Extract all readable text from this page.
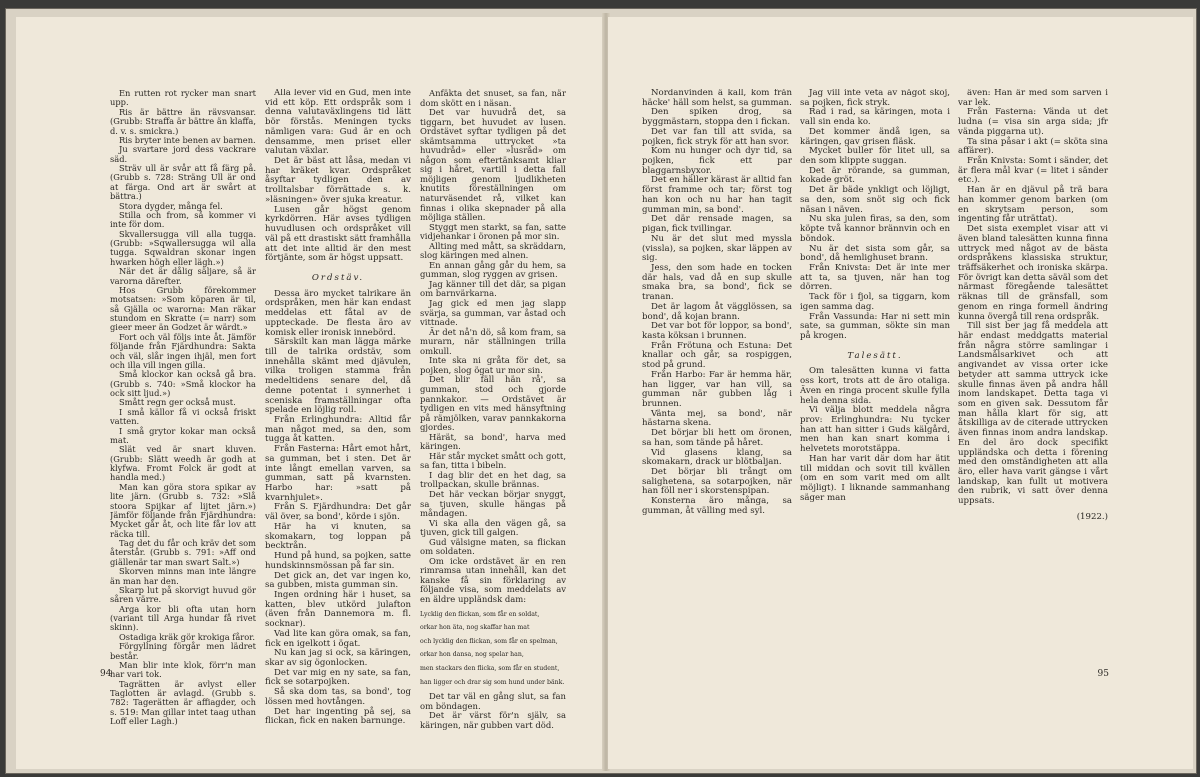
En rutten rot rycker man snart upp.

Ris är bättre än rävsvansar. (Grubb: Straffa är bättre än klaffa, d. v. s. smickra.)

Ris bryter inte benen av barnen.

Ju svartare jord dess vackrare säd.

Sträv ull är svår att få färg på. (Grubb s. 728: Sträng Ull är ond at färga. Ond art är swårt at bättra.)

Stora dygder, många fel.

Stilla och from, så kommer vi inte för dom.

Skvallersugga vill alla tugga. (Grubb: »Sqwallersugga wil alla tugga. Sqwaldran skonar ingen hwarken högh eller lägh.»)

När det är dålig säljare, så är varorna därefter.

Hos Grubb förekommer motsatsen: »Som köparen är til, så Gjälla oc warorna: Man räkar stundom en Skratte (= narr) som gieer meer än Godzet är wärdt.»

Fort och väl följs inte åt. Jämför följande från Fjärdhundra: Sakta och väl, slår ingen ihjäl, men fort och illa vill ingen gilla.

Små klockor kan också gå bra. (Grubb s. 740: »Små klockor ha ock sitt ljud.»)

Smått regn ger också must.

I små källor få vi också friskt vatten.

I små grytor kokar man också mat.

Slät ved är snart kluven. (Grubb: Slätt weedh är godh at klyfwa. Fromt Folck är godt at handla med.)

Man kan göra stora spikar av lite järn. (Grubb s. 732: »Slå stoora Spijkar af lijtet järn.») Jämför följande från Fjärdhundra: Mycket går åt, och lite får lov att räcka till.

Tag det du får och kräv det som återstår. (Grubb s. 791: »Aff ond giällenär tar man swart Salt.»)

Skorven minns man inte längre än man har den.

Skarp lut på skorvigt huvud gör såren värre.

Arga kor bli ofta utan horn (variant till Arga hundar få rivet skinn).

Ostadiga kräk gör krokiga fåror.

Förgyllning förgår men lädret består.

Man blir inte klok, förr'n man har vari tok.

Tagrätten är avlyst eller Taglotten är avlagd. (Grubb s. 782: Tagerätten är affiagder, och s. 519: Man gillar intet taag uthan Loff eller Lagh.)

Alla lever vid en Gud, men inte vid ett köp. Ett ordspråk som i denna valutaväxlingens tid lätt bör förstås. Meningen tycks nämligen vara: Gud är en och densamme, men priset eller valutan växlar.

Det är bäst att låsa, medan vi har kräket kvar. Ordspråket åsyftar tydligen den av trolltalsbar förrättade s. k. »läsningen» över sjuka kreatur.

Lusen går högst genom kyrkdörren. Här avses tydligen huvudlusen och ordspråket vill väl på ett drastiskt sätt framhålla att det inte alltid är den mest förtjänte, som är högst uppsatt.

Ordstäv.

Dessa äro mycket talrikare än ordspråken, men här kan endast meddelas ett fåtal av de uppteckade. De flesta äro av komisk eller ironisk innebörd.

Särskilt kan man lägga märke till de talrika ordstäv, som innehålla skämt med djävulen, vilka troligen stamma från medeltidens senare del, då denne potentat i synnerhet i sceniska framställningar ofta spelade en löjlig roll.

Från Erlinghundra: Alltid får man något med, sa den, som tugga åt katten.

Från Fasterna: Hårt emot hårt, sa gumman, bet i sten. Det är inte långt emellan varven, sa gumman, satt på kvarnsten. Harbo har: »satt på kvarnhjulet».

Från S. Fjärdhundra: Det går väl över, sa bond', körde i sjön.

Här ha vi knuten, sa skomakarn, tog loppan på becktrån.

Hund på hund, sa pojken, satte hundskinnsmössan på far sin.

Det gick an, det var ingen ko, sa gubben, mista gumman sin.

Ingen ordning här i huset, sa katten, blev utkörd julafton (även från Dannemora m. fl. socknar).

Vad lite kan göra omak, sa fan, fick en igelkott i ögat.

Nu kan jag si ock, sa käringen, skar av sig ögonlocken.

Det var mig en ny sate, sa fan, fick se sotarpojken.

Så ska dom tas, sa bond', tog lössen med hovtången.

Det har ingenting på sej, sa flickan, fick en naken barnunge.

Anfäkta det snuset, sa fan, när dom skött en i näsan.

Det var huvudrå det, sa tiggarn, bet huvudet av lusen. Ordstävet syftar tydligen på det skämtsamma uttrycket »ta huvudråd» eller »lusråd» om någon som eftertänksamt kliar sig i håret, vartill i detta fall möjligen genom ljudlikheten knutits föreställningen om naturväsendet rå, vilket kan finnas i olika skepnader på alla möjliga ställen.

Styggt men starkt, sa fan, satte vidjehankar i öronen på mor sin.

Allting med mått, sa skräddarn, slog käringen med alnen.

En annan gång går du hem, sa gumman, slog ryggen av grisen.

Jag känner till det där, sa pigan om barnvärkarna.

Jag gick ed men jag slapp svärja, sa gumman, var åstad och vittnade.

Är det nå'n dö, så kom fram, sa murarn, när ställningen trilla omkull.

Inte ska ni gråta för det, sa pojken, slog ögat ur mor sin.

Det blir fäll hän rå', sa gumman, stod och gjorde pannkakor. — Ordstävet är tydligen en vits med hänsyftning på rämjölken, varav pannkakorna gjordes.

Härät, sa bond', harva med käringen.

Här står mycket smått och gott, sa fan, titta i bibeln.

I dag blir det en het dag, sa trollpackan, skulle brännas.

Det här veckan börjar snyggt, sa tjuven, skulle hängas på måndagen.

Vi ska alla den vägen gå, sa tjuven, gick till galgen.

Gud välsigne maten, sa flickan om soldaten.

Om icke ordstävet är en ren rimramsa utan innehåll, kan det kanske få sin förklaring av följande visa, som meddelats av en äldre uppländsk dam:

Lycklig den flickan, som får en soldat,

orkar hon äta, nog skaffar han mat

och lycklig den flickan, som får en spelman,

orkar hon dansa, nog spelar han,

men stackars den flicka, som får en student,

han ligger och drar sig som hund under bänk.

Det tar väl en gång slut, sa fan om böndagen.

Det är värst för'n själv, sa käringen, när gubben vart död.

94

Nordanvinden ä kall, kom från häcke' häll som helst, sa gumman.

Den spiken drog, sa byggmästarn, stoppa den i fickan.

Det var fan till att svida, sa pojken, fick stryk för att han svor.

Kom nu hunger och dyr tid, sa pojken, fick ett par blaggarnsbyxor.

Det en häller kärast är alltid fan först framme och tar; först tog han kon och nu har han tagit gumman min, sa bond'.

Det där rensade magen, sa pigan, fick tvillingar.

Nu är det slut med myssla (vissla), sa pojken, skar läppen av sig.

Jess, den som hade en tocken där hals, vad då en sup skulle smaka bra, sa bond', fick se tranan.

Det är lagom åt vägglössen, sa bond', då kojan brann.

Det var bot för loppor, sa bond', kasta köksan i brunnen.

Från Frötuna och Estuna: Det knallar och går, sa rospiggen, stod på grund.

Från Harbo: Far är hemma här, han ligger, var han vill, sa gumman när gubben låg i brunnen.

Vänta mej, sa bond', när hästarna skena.

Det börjar bli hett om öronen, sa han, som tände på håret.

Vid glasens klang, sa skomakarn, drack ur blötbaljan.

Det börjar bli trångt om salighetena, sa sotarpojken, när han föll ner i skorstenspipan.

Konsterna äro många, sa gumman, åt välling med syl.

Jag vill inte veta av något skoj, sa pojken, fick stryk.

Rad i rad, sa käringen, mota i vall sin enda ko.

Det kommer ändå igen, sa käringen, gav grisen fläsk.

Mycket buller för litet ull, sa den som klippte suggan.

Det är rörande, sa gumman, kokade gröt.

Det är bäde ynkligt och löjligt, sa den, som snöt sig och fick näsan i näven.

Nu ska julen firas, sa den, som köpte två kannor brännvin och en böndok.

Nu är det sista som går, sa bond', då hemlighuset brann.

Från Knivsta: Det är inte mer att ta, sa tjuven, när han tog dörren.

Tack för i fjol, sa tiggarn, kom igen samma dag.

Från Vassunda: Har ni sett min sate, sa gumman, sökte sin man på krogen.

Talesätt.

Om talesätten kunna vi fatta oss kort, trots att de äro otaliga. Även en ringa procent skulle fylla hela denna sida.

Vi välja blott meddela några prov: Erlinghundra: Nu tycker han att han sitter i Guds kälgård, men han kan snart komma i helvetets morotstäppa.

Han har varit där dom har ätit till middan och sovit till kvällen (om en som varit med om allt möjligt). I liknande sammanhang säger man

även: Han är med som sarven i var lek.

Från Fasterna: Vända ut det ludna (= visa sin arga sida; jfr vända piggarna ut).

Ta sina påsar i akt (= sköta sina affärer).

Från Knivsta: Somt i sänder, det är flera mål kvar (= litet i sänder etc.).

Han är en djävul på trä bara han kommer genom barken (om en skrytsam person, som ingenting får uträttat).

Det sista exemplet visar att vi även bland talesätten kunna finna uttryck med något av de bästa ordspråkens klassiska struktur, träffsäkerhet och ironiska skärpa. För övrigt kan detta säväl som det närmast föregående talesättet räknas till de gränsfall, som genom en ringa formell ändring kunna övergå till rena ordspråk.

Till sist ber jag få meddela att här endast meddgatts material från några större samlingar i Landsmålsarkivet och att angivandet av vissa orter icke betyder att samma uttryck icke skulle finnas även på andra håll inom landskapet. Detta taga vi som en given sak. Dessutom får man hålla klart för sig, att åtskilliga av de citerade uttrycken även finnas inom andra landskap. En del äro dock specifikt uppländska och detta i förening med den omständigheten att alla äro, eller hava varit gängse i vårt landskap, kan fullt ut motivera den rubrik, vi satt över denna uppsats.

(1922.)

95
